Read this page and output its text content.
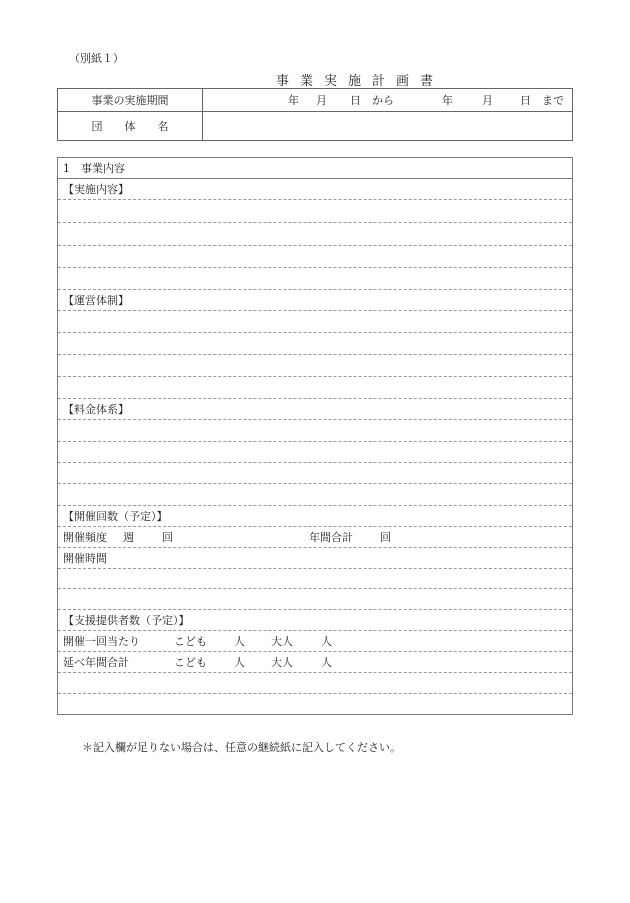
（別紙１）
事業実施計画書
事業の実施期間	年	月	日	から	年	月	日	まで

団　　体　　名	
1　事業内容
【実施内容】
【運営体制】
【料金体系】
【開催回数（予定）】
開催頻度 週	回	年間合計 回
開催時間
【支援提供者数（予定）】
開催一回当たり	こども 人 大人	人
延べ年間合計	こども 人 大人	人
＊記入欄が足りない場合は、任意の継続紙に記入してください。
